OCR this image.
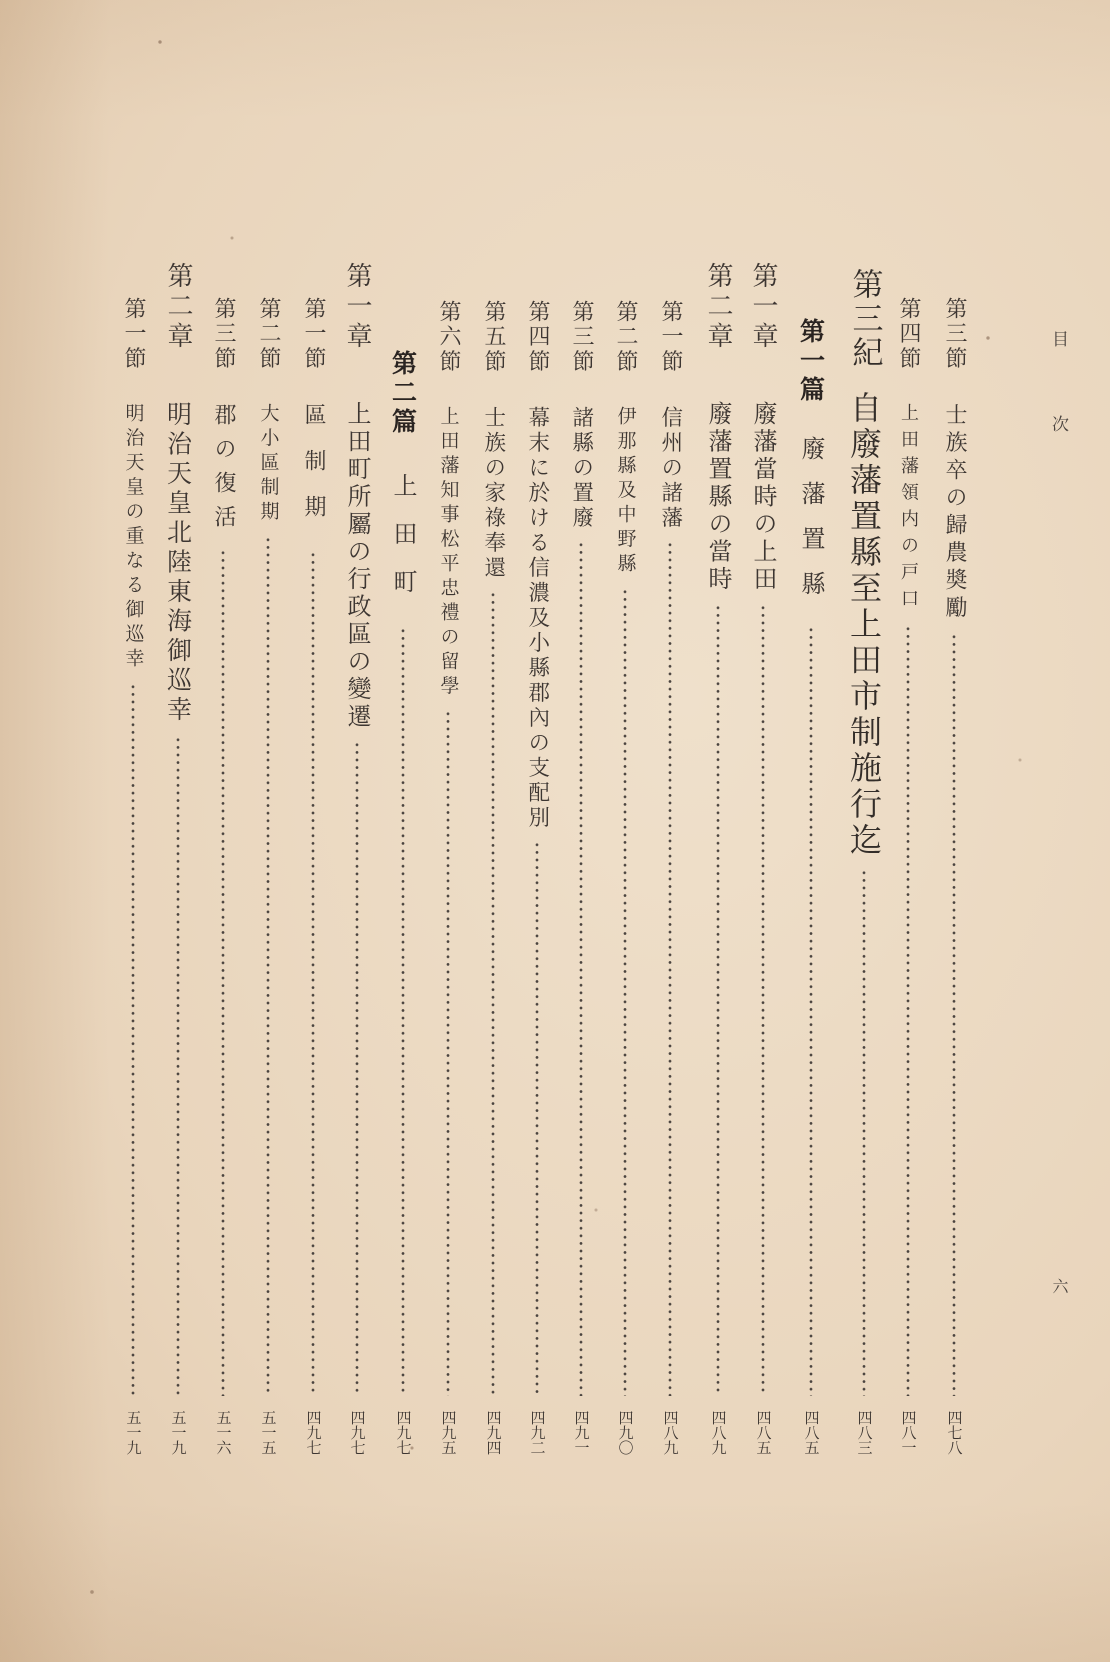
目次
六
第三節
士族卒の歸農奬勵
四七八
第四節
上田藩領内の戸口
四八一
第三紀
自廢藩置縣至上田市制施行迄
四八三
第一篇
廢藩置縣
四八五
第一章
廢藩當時の上田
四八五
第二章
廢藩置縣の當時
四八九
第一節
信州の諸藩
四八九
第二節
伊那縣及中野縣
四九〇
第三節
諸縣の置廢
四九一
第四節
幕末に於ける信濃及小縣郡內の支配別
四九二
第五節
士族の家祿奉還
四九四
第六節
上田藩知事松平忠禮の留學
四九五
第二篇
上田町
四九七
第一章
上田町所屬の行政區の變遷
四九七
第一節
區制期
四九七
第二節
大小區制期
五一五
第三節
郡の復活
五一六
第二章
明治天皇北陸東海御巡幸
五一九
第一節
明治天皇の重なる御巡幸
五一九
